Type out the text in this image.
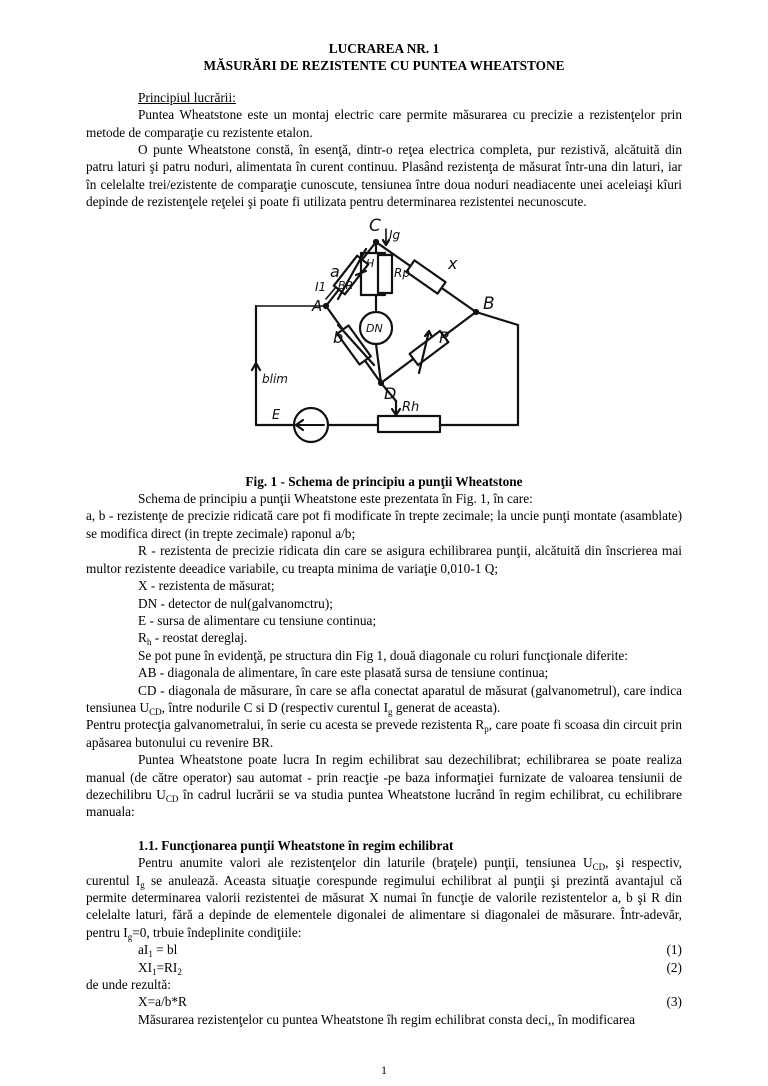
LUCRAREA NR. 1

MĂSURĂRI DE REZISTENTE CU PUNTEA WHEATSTONE

Principiul lucrării:

Puntea Wheatstone este un montaj electric care permite măsurarea cu precizie a rezistenţelor prin metode de comparaţie cu rezistente etalon.

O punte Wheatstone constă, în esenţă, dintr-o reţea electrica completa, pur rezistivă, alcătuită din patru laturi şi patru noduri, alimentata în curent continuu. Plasând rezistenţa de măsurat într-una din laturi, iar în celelalte trei/ezistente de comparaţie cunoscute, tensiunea între doua noduri neadiacente unei aceleiaşi kîuri depinde de rezistenţele reţelei şi poate fi utilizata pentru determinarea rezistentei necunoscute.

C
B
A
D
a	x
b	R
I1
Ig
H
BR
Rp
DN
Rh
E
blim

Fig. 1 - Schema de principiu a punţii Wheatstone

Schema de principiu a punţii Wheatstone este prezentata în Fig. 1, în care:

a, b - rezistenţe de precizie ridicată care pot fi modificate în trepte zecimale; la uncie punţi montate (asamblate) se modifica direct (in trepte zecimale) raponul a/b;

R - rezistenta de precizie ridicata din care se asigura echilibrarea punţii, alcătuită din înscrierea mai multor rezistente deeadice variabile, cu treapta minima de variaţie 0,010-1 Q;

X - rezistenta de măsurat;

DN - detector de nul(galvanomctru);

E - sursa de alimentare cu tensiune continua;

$R_h$ - reostat dereglaj.

Se pot pune în evidenţă, pe structura din Fig 1, două diagonale cu roluri funcţionale diferite:

AB - diagonala de alimentare, în care este plasată sursa de tensiune continua;

CD - diagonala de măsurare, în care se afla conectat aparatul de măsurat (galvanometrul), care indica tensiunea $U_{CD}$, între nodurile C si D (respectiv curentul $I_g$ generat de aceasta).

Pentru protecţia galvanometralui, în serie cu acesta se prevede rezistenta $R_p$, care poate fi scoasa din circuit prin apăsarea butonului cu revenire BR.

Puntea Wheatstone poate lucra In regim echilibrat sau dezechilibrat; echilibrarea se poate realiza manual (de către operator) sau automat - prin reacţie -pe baza informaţiei furnizate de valoarea tensiunii de dezechilibru $U_{CD}$ în cadrul lucrării se va studia puntea Wheatstone lucrând în regim echilibrat, cu echilibrare manuala:

1.1. Funcţionarea punţii Wheatstone în regim echilibrat

Pentru anumite valori ale rezistenţelor din laturile (braţele) punţii, tensiunea $U_{CD}$, şi respectiv, curentul $I_g$ se anulează. Aceasta situaţie corespunde regimului echilibrat al punţii şi prezintă avantajul că permite determinarea valorii rezistentei de măsurat X numai în funcţie de valorile rezistentelor a, b şi R din celelalte laturi, fără a depinde de elementele digonalei de alimentare si diagonalei de măsurare. Într-adevăr, pentru $I_g=0$, trbuie îndeplinite condiţiile:

$aI_1$ = bl	(1)
$XI_1=RI_2$	(2)

de unde rezultă:

X=a/b*R	(3)

Măsurarea rezistenţelor cu puntea Wheatstone îh regim echilibrat consta deci,, în modificarea

1
